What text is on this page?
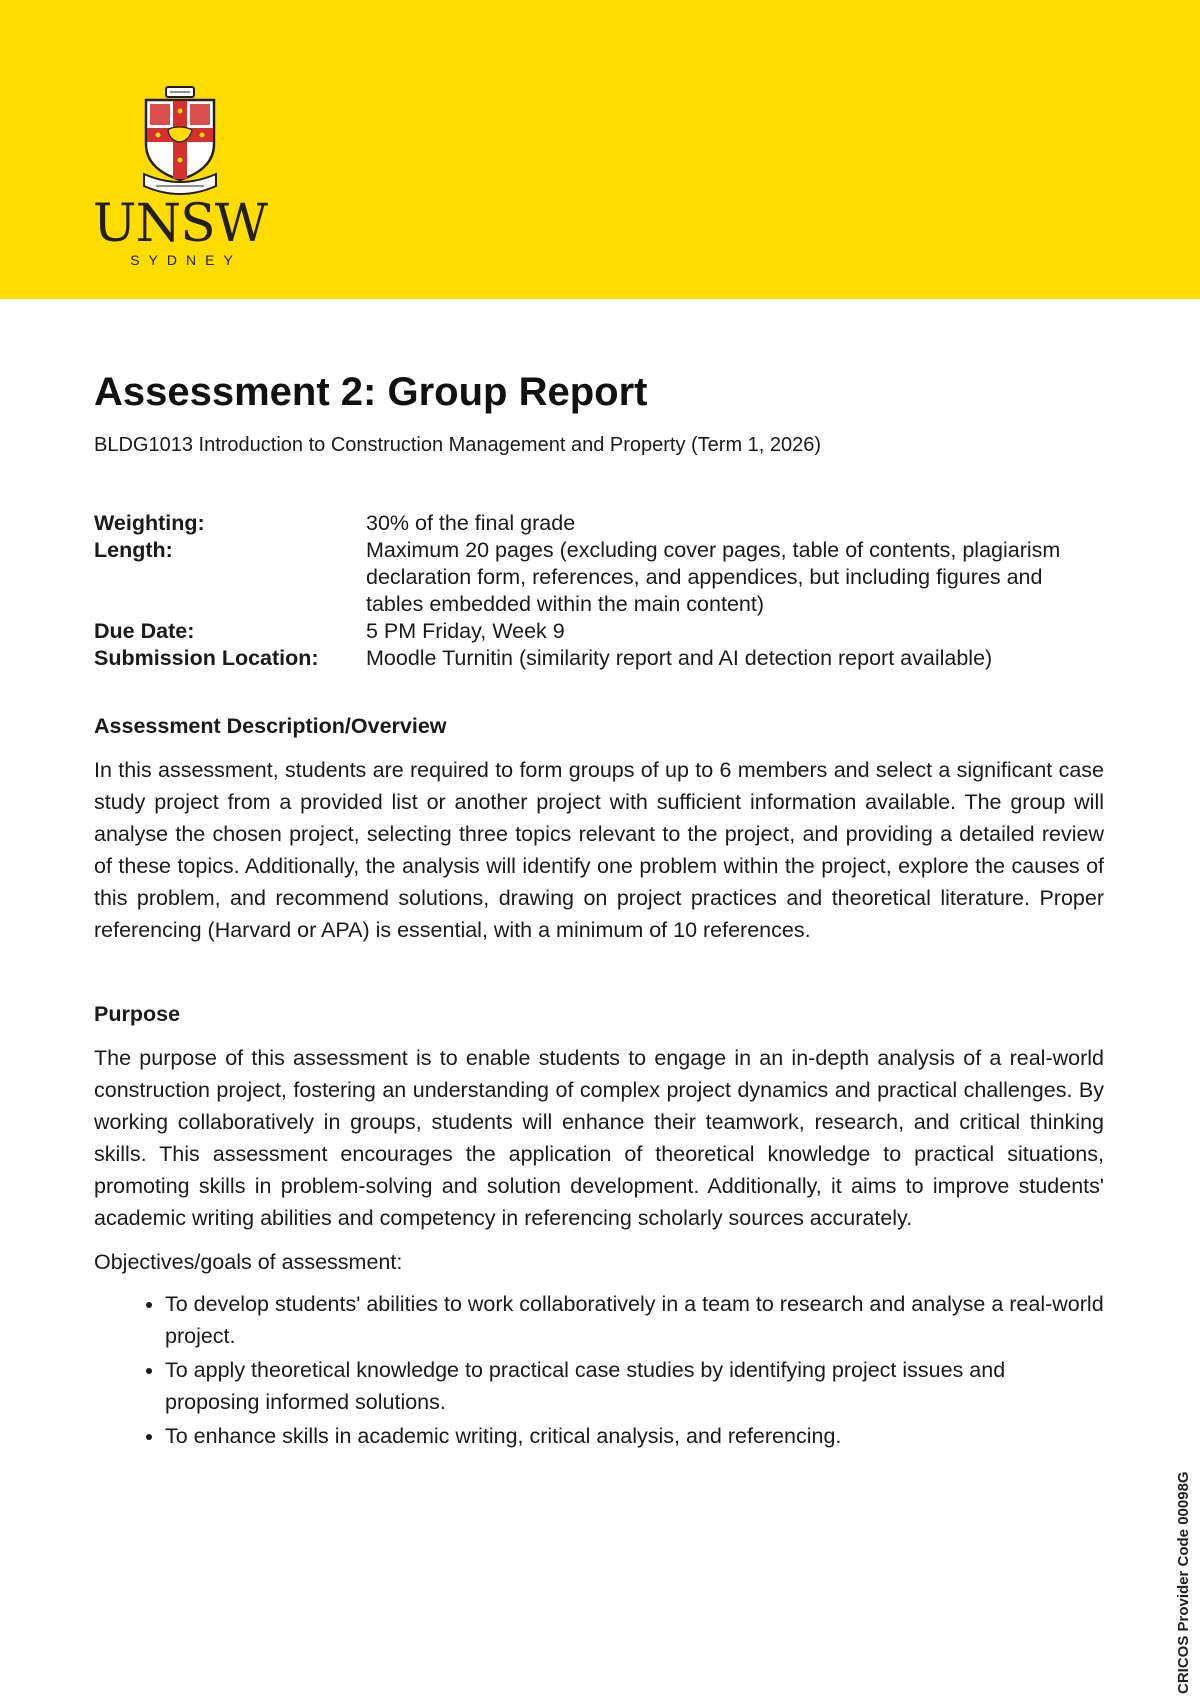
UNSW
SYDNEY
Assessment 2: Group Report
BLDG1013 Introduction to Construction Management and Property (Term 1, 2026)
Weighting:	30% of the final grade
Length:	Maximum 20 pages (excluding cover pages, table of contents, plagiarism declaration form, references, and appendices, but including figures and tables embedded within the main content)
Due Date:	5 PM Friday, Week 9
Submission Location:	Moodle Turnitin (similarity report and AI detection report available)
Assessment Description/Overview

In this assessment, students are required to form groups of up to 6 members and select a significant case study project from a provided list or another project with sufficient information available. The group will analyse the chosen project, selecting three topics relevant to the project, and providing a detailed review of these topics. Additionally, the analysis will identify one problem within the project, explore the causes of this problem, and recommend solutions, drawing on project practices and theoretical literature. Proper referencing (Harvard or APA) is essential, with a minimum of 10 references.

Purpose

The purpose of this assessment is to enable students to engage in an in-depth analysis of a real-world construction project, fostering an understanding of complex project dynamics and practical challenges. By working collaboratively in groups, students will enhance their teamwork, research, and critical thinking skills. This assessment encourages the application of theoretical knowledge to practical situations, promoting skills in problem-solving and solution development. Additionally, it aims to improve students' academic writing abilities and competency in referencing scholarly sources accurately.

Objectives/goals of assessment:

• To develop students' abilities to work collaboratively in a team to research and analyse a real-world project.
• To apply theoretical knowledge to practical case studies by identifying project issues and proposing informed solutions.
• To enhance skills in academic writing, critical analysis, and referencing.
CRICOS Provider Code 00098G
